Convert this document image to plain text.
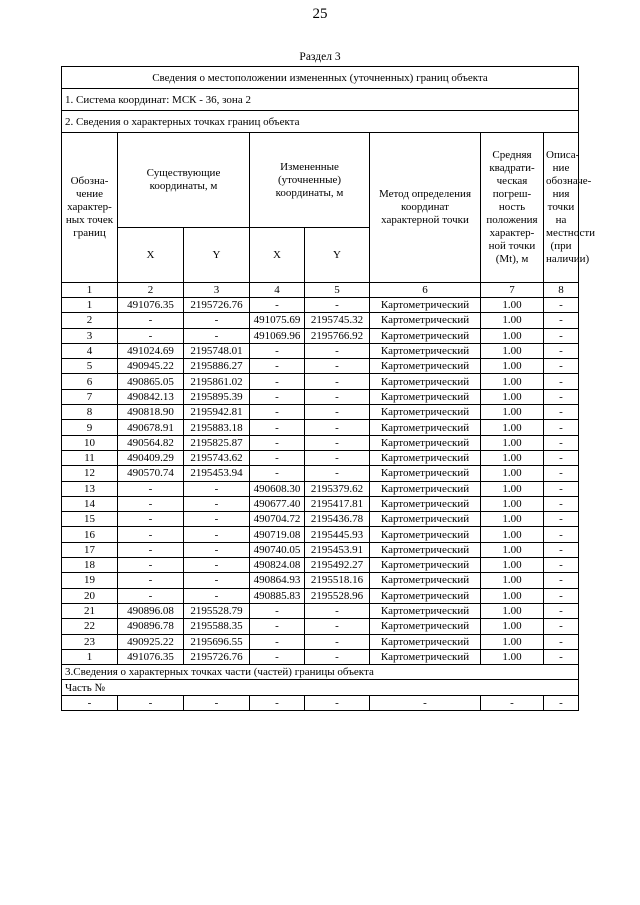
25
Раздел 3
Сведения о местоположении измененных (уточненных) границ объекта							
1. Система координат: МСК - 36, зона 2							
2. Сведения о характерных точках границ объекта							
Обозна-чение характер-ных точек границ	Существующие координаты, м		Измененные (уточненные) координаты, м		Метод определения координат характерной точки	Средняя квадрати-ческая погреш-ность положения характер-ной точки (Мt), м	Описа-ние обозначе-ния точки на местности (при наличии)
	X	Y	X	Y			
1	2	3	4	5	6	7	8
1	491076.35	2195726.76	-	-	Картометрический	1.00	-
2	-	-	491075.69	2195745.32	Картометрический	1.00	-
3	-	-	491069.96	2195766.92	Картометрический	1.00	-
4	491024.69	2195748.01	-	-	Картометрический	1.00	-
5	490945.22	2195886.27	-	-	Картометрический	1.00	-
6	490865.05	2195861.02	-	-	Картометрический	1.00	-
7	490842.13	2195895.39	-	-	Картометрический	1.00	-
8	490818.90	2195942.81	-	-	Картометрический	1.00	-
9	490678.91	2195883.18	-	-	Картометрический	1.00	-
10	490564.82	2195825.87	-	-	Картометрический	1.00	-
11	490409.29	2195743.62	-	-	Картометрический	1.00	-
12	490570.74	2195453.94	-	-	Картометрический	1.00	-
13	-	-	490608.30	2195379.62	Картометрический	1.00	-
14	-	-	490677.40	2195417.81	Картометрический	1.00	-
15	-	-	490704.72	2195436.78	Картометрический	1.00	-
16	-	-	490719.08	2195445.93	Картометрический	1.00	-
17	-	-	490740.05	2195453.91	Картометрический	1.00	-
18	-	-	490824.08	2195492.27	Картометрический	1.00	-
19	-	-	490864.93	2195518.16	Картометрический	1.00	-
20	-	-	490885.83	2195528.96	Картометрический	1.00	-
21	490896.08	2195528.79	-	-	Картометрический	1.00	-
22	490896.78	2195588.35	-	-	Картометрический	1.00	-
23	490925.22	2195696.55	-	-	Картометрический	1.00	-
1	491076.35	2195726.76	-	-	Картометрический	1.00	-
3.Сведения о характерных точках части (частей) границы объекта							
Часть №							
-	-	-	-	-	-	-	-
